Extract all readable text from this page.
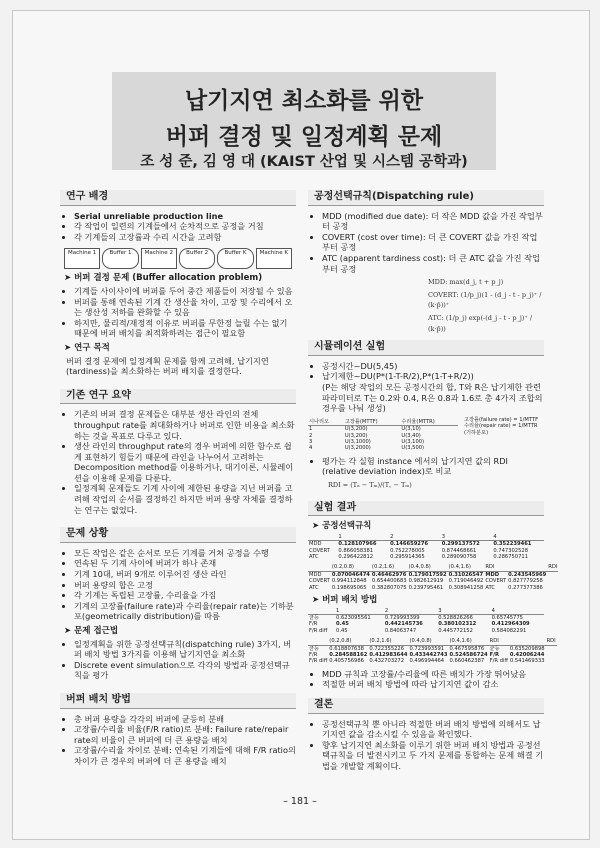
납기지연 최소화를 위한
버퍼 결정 및 일정계획 문제
조 성 준, 김 영 대 (KAIST 산업 및 시스템 공학과)
연구 배경
• Serial unreliable production line
• 각 작업이 일련의 기계들에서 순차적으로 공정을 거침
• 각 기계들의 고장률과 수리 시간을 고려함
Machine 1	Buffer 1	Machine 2	Buffer 2	Buffer K	Machine K
➤ 버퍼 결정 문제 (Buffer allocation problem)
• 기계들 사이사이에 버퍼를 두어 중간 제품들이 저장될 수 있음
• 버퍼를 통해 연속된 기계 간 생산율 차이, 고장 및 수리에서 오는 생산성 저하를 완화할 수 있음
• 하지만, 물리적/재정적 이유로 버퍼를 무한정 늘릴 수는 없기 때문에 버퍼 배치를 최적화하려는 접근이 필요함
➤ 연구 목적

버퍼 결정 문제에 일정계획 문제를 함께 고려해, 납기지연(tardiness)을 최소화하는 버퍼 배치를 결정한다.

기존 연구 요약
• 기존의 버퍼 결정 문제들은 대부분 생산 라인의 전체 throughput rate를 최대화하거나 버퍼로 인한 비용을 최소화하는 것을 목표로 다루고 있다.
• 생산 라인의 throughput rate의 경우 버퍼에 의한 함수로 쉽게 표현하기 힘들기 때문에 라인을 나누어서 고려하는 Decomposition method를 이용하거나, 대기이론, 시뮬레이션을 이용해 문제를 다룬다.
• 일정계획 문제들도 기계 사이에 제한된 용량을 지닌 버퍼를 고려해 작업의 순서를 결정하긴 하지만 버퍼 용량 자체를 결정하는 연구는 없었다.
문제 상황
• 모든 작업은 같은 순서로 모든 기계를 거쳐 공정을 수행
• 연속된 두 기계 사이에 버퍼가 하나 존재
• 기계 10대, 버퍼 9개로 이루어진 생산 라인
• 버퍼 용량의 합은 고정
• 각 기계는 독립된 고장률, 수리율을 가짐
• 기계의 고장률(failure rate)과 수리율(repair rate)는 기하분포(geometrically distribution)를 따름
➤ 문제 접근법
• 일정계획을 위한 공정선택규칙(dispatching rule) 3가지, 버퍼 배치 방법 3가지를 이용해 납기지연을 최소화
• Discrete event simulation으로 각각의 방법과 공정선택규칙을 평가
버퍼 배치 방법
• 총 버퍼 용량을 각각의 버퍼에 균등히 분배
• 고장률/수리율 비율(F/R ratio)로 분배: Failure rate/repair rate의 비율이 큰 버퍼에 더 큰 용량을 배치
• 고장률/수리율 차이로 분배: 연속된 기계들에 대해 F/R ratio의 차이가 큰 경우의 버퍼에 더 큰 용량을 배치
공정선택규칙(Dispatching rule)
• MDD (modified due date): 더 작은 MDD 값을 가진 작업부터 공정
• COVERT (cost over time): 더 큰 COVERT 값을 가진 작업부터 공정
• ATC (apparent tardiness cost): 더 큰 ATC 값을 가진 작업부터 공정
MDD: max(d_j, t + p_j)
COVERT: (1/p_j)(1 - (d_j - t - p_j)⁺ / (k·p̄))⁺
ATC: (1/p_j) exp(-(d_j - t - p_j)⁺ / (k·p̄))
시뮬레이션 실험
• 공정시간~DU(5,45)
• 납기제한~DU(P*(1-T-R/2),P*(1-T+R/2))
(P는 해당 작업의 모든 공정시간의 합, T와 R은 납기제한 관련 파라미터로 T는 0.2와 0.4, R은 0.8과 1.6로 총 4가지 조합의 경우를 나눠 생성)
시나리오	고장률(MTTF)	수리율(MTTR)
1	U(3,200)	U(3,10)
2	U(3,200)	U(3,40)
3	U(3,1000)	U(3,100)
4	U(3,2000)	U(3,500)
고장률(failure rate) = 1/MTTF
수리율(repair rate) = 1/MTTR
(기하분포)
• 평가는 각 실험 instance 에서의 납기지연 값의 RDI (relative deviation index)로 비교
RDI = (Tₐ − Tₘ)/(T꜀ − Tₘ)
실험 결과
➤ 공정선택규칙
	1	2	3	4
MDD	0.128107966	0.146659276	0.299137572	0.352239461
COVERT	0.866058381	0.752278005	0.874468661	0.747302528
ATC	0.296422812	0.295914365	0.289090758	0.286750711
	(0.2,0.8)	(0.2,1.6)	(0.4,0.8)	(0.4,1.6)	RDI		RDI
MDD	0.070046474	0.46462976	0.179017592	0.31026547	MDD	0.243545969	
COVERT	0.994112848	0.654400683	0.982612919	0.719046492	COVERT	0.827779258	
ATC	0.198695065	0.382807075	0.239795461	0.308941258	ATC	0.277377386	
➤ 버퍼 배치 방법
	1	2	3	4
균등	0.623095561	0.729993399	0.528826266	0.65745775
F/R	0.45	0.442145736	0.380102312	0.412964309
F/R diff	0.45	0.84063747	0.445772152	0.584082291
	(0.2,0.8)	(0.2,1.6)	(0.4,0.8)	(0.4,1.6)	RDI		RDI
균등	0.618807638	0.722355226	0.723993591	0.467595876	균등	0.635209898	
F/R	0.284588162	0.412983644	0.433442743	0.524586724	F/R	0.42006244	
F/R diff	0.405756986	0.432703272	0.496994464	0.660462387	F/R diff	0.541469333	
• MDD 규칙과 고장률/수리율에 따른 배치가 가장 뛰어났음
• 적절한 버퍼 배치 방법에 따라 납기지연 값이 감소
결론
• 공정선택규칙 뿐 아니라 적절한 버퍼 배치 방법에 의해서도 납기지연 값을 감소시킬 수 있음을 확인했다.
• 향후 납기지연 최소화를 이루기 위한 버퍼 배치 방법과 공정선택규칙을 더 발전시키고 두 가지 문제를 통합하는 문제 해결 기법을 개발할 계획이다.
– 181 –
